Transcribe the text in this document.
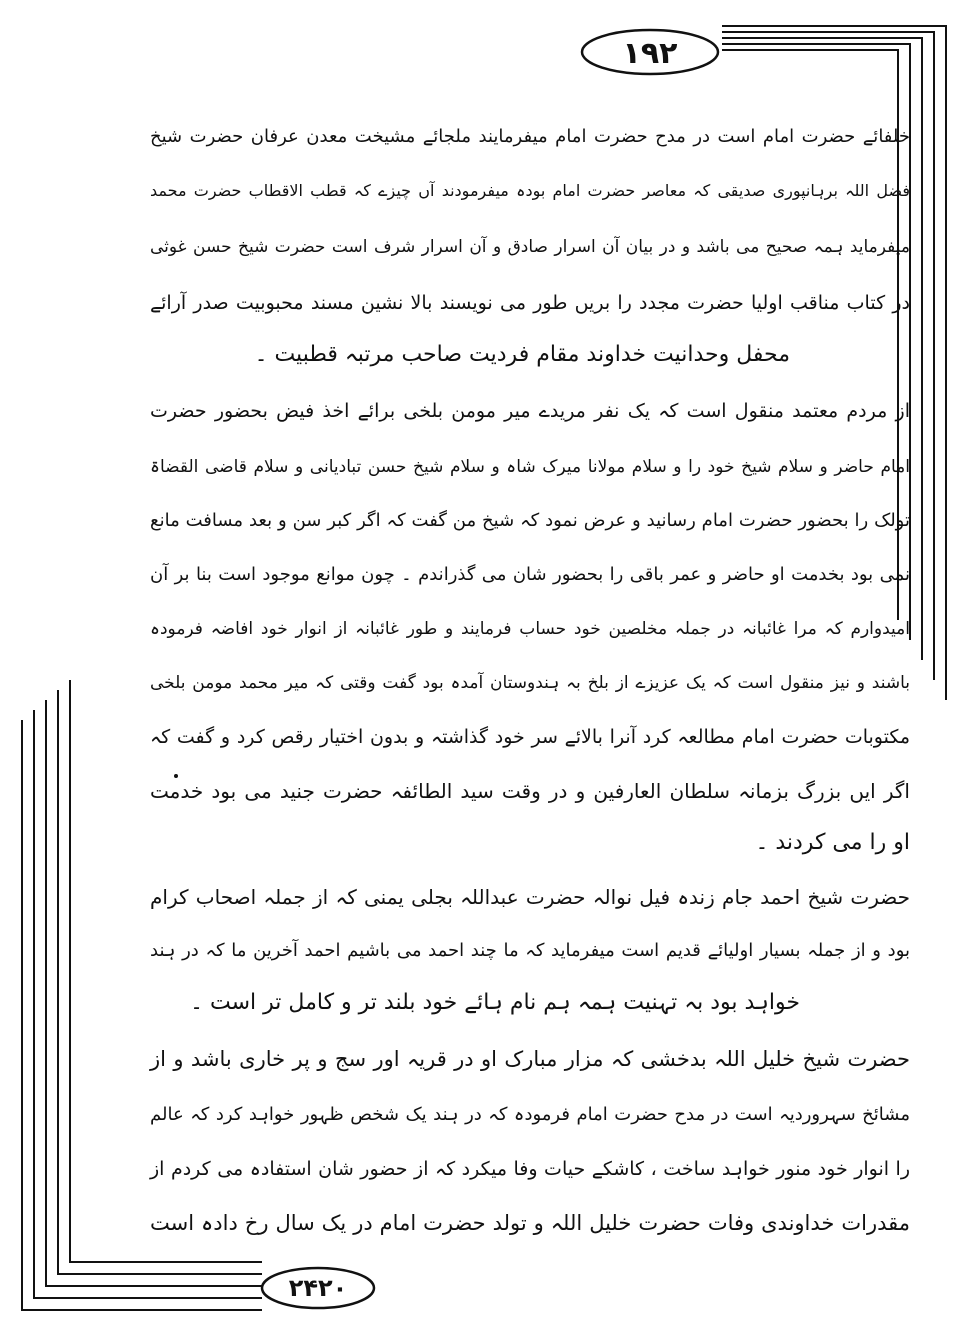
۱۹۲
۲۴۲۰
خلفائے حضرت امام است در مدح حضرت امام میفرمایند ملجائے مشیخت معدن عرفان حضرت شیخ
فضل اللہ برہانپوری صدیقی کہ معاصر حضرت امام بودہ میفرمودند آں چیزے کہ قطب الاقطاب حضرت محمد
میفرماید ہمہ صحیح می باشد و در بیان آن اسرار صادق و آن اسرار شرف است حضرت شیخ حسن غوثی
در کتاب مناقب اولیا حضرت مجدد را بریں طور می نویسند بالا نشین مسند محبوبیت صدر آرائے
محفل وحدانیت خداوند مقام فردیت صاحب مرتبہ قطبیت ۔
از مردم معتمد منقول است کہ یک نفر مریدے میر مومن بلخی برائے اخذ فیض بحضور حضرت
امام حاضر و سلام شیخ خود را و سلام مولانا میرک شاہ و سلام شیخ حسن تبادیانی و سلام قاضی القضاۃ
تولک را بحضور حضرت امام رسانید و عرض نمود کہ شیخ من گفت کہ اگر کبر سن و بعد مسافت مانع
نمی بود بخدمت او حاضر و عمر باقی را بحضور شان می گذراندم ۔ چون موانع موجود است بنا بر آن
امیدوارم کہ مرا غائبانہ در جملہ مخلصین خود حساب فرمایند و طور غائبانہ از انوار خود افاضہ فرمودہ
باشند و نیز منقول است کہ یک عزیزے از بلخ بہ ہندوستان آمدہ بود گفت وقتی کہ میر محمد مومن بلخی
مکتوبات حضرت امام مطالعہ کرد آنرا بالائے سر خود گذاشتہ و بدون اختیار رقص کرد و گفت کہ
اگر ایں بزرگ بزمانہ سلطان العارفین و در وقت سید الطائفہ حضرت جنید می بود خدمت
او را می کردند ۔
حضرت شیخ احمد جام زندہ فیل نوالہ حضرت عبداللہ بجلی یمنی کہ از جملہ اصحاب کرام
بود و از جملہ بسیار اولیائے قدیم است میفرماید کہ ما چند احمد می باشیم احمد آخرین ما کہ در ہند
خواہد بود بہ تہنیت ہمہ ہم نام ہائے خود بلند تر و کامل تر است ۔
حضرت شیخ خلیل اللہ بدخشی کہ مزار مبارک او در قریہ اور سج و پر خاری باشد و از
مشائخ سہروردیہ است در مدح حضرت امام فرمودہ کہ در ہند یک شخص ظہور خواہد کرد کہ عالم
را انوار خود منور خواہد ساخت ، کاشکے حیات وفا میکرد کہ از حضور شان استفادہ می کردم از
مقدرات خداوندی وفات حضرت خلیل اللہ و تولد حضرت امام در یک سال رخ دادہ است
